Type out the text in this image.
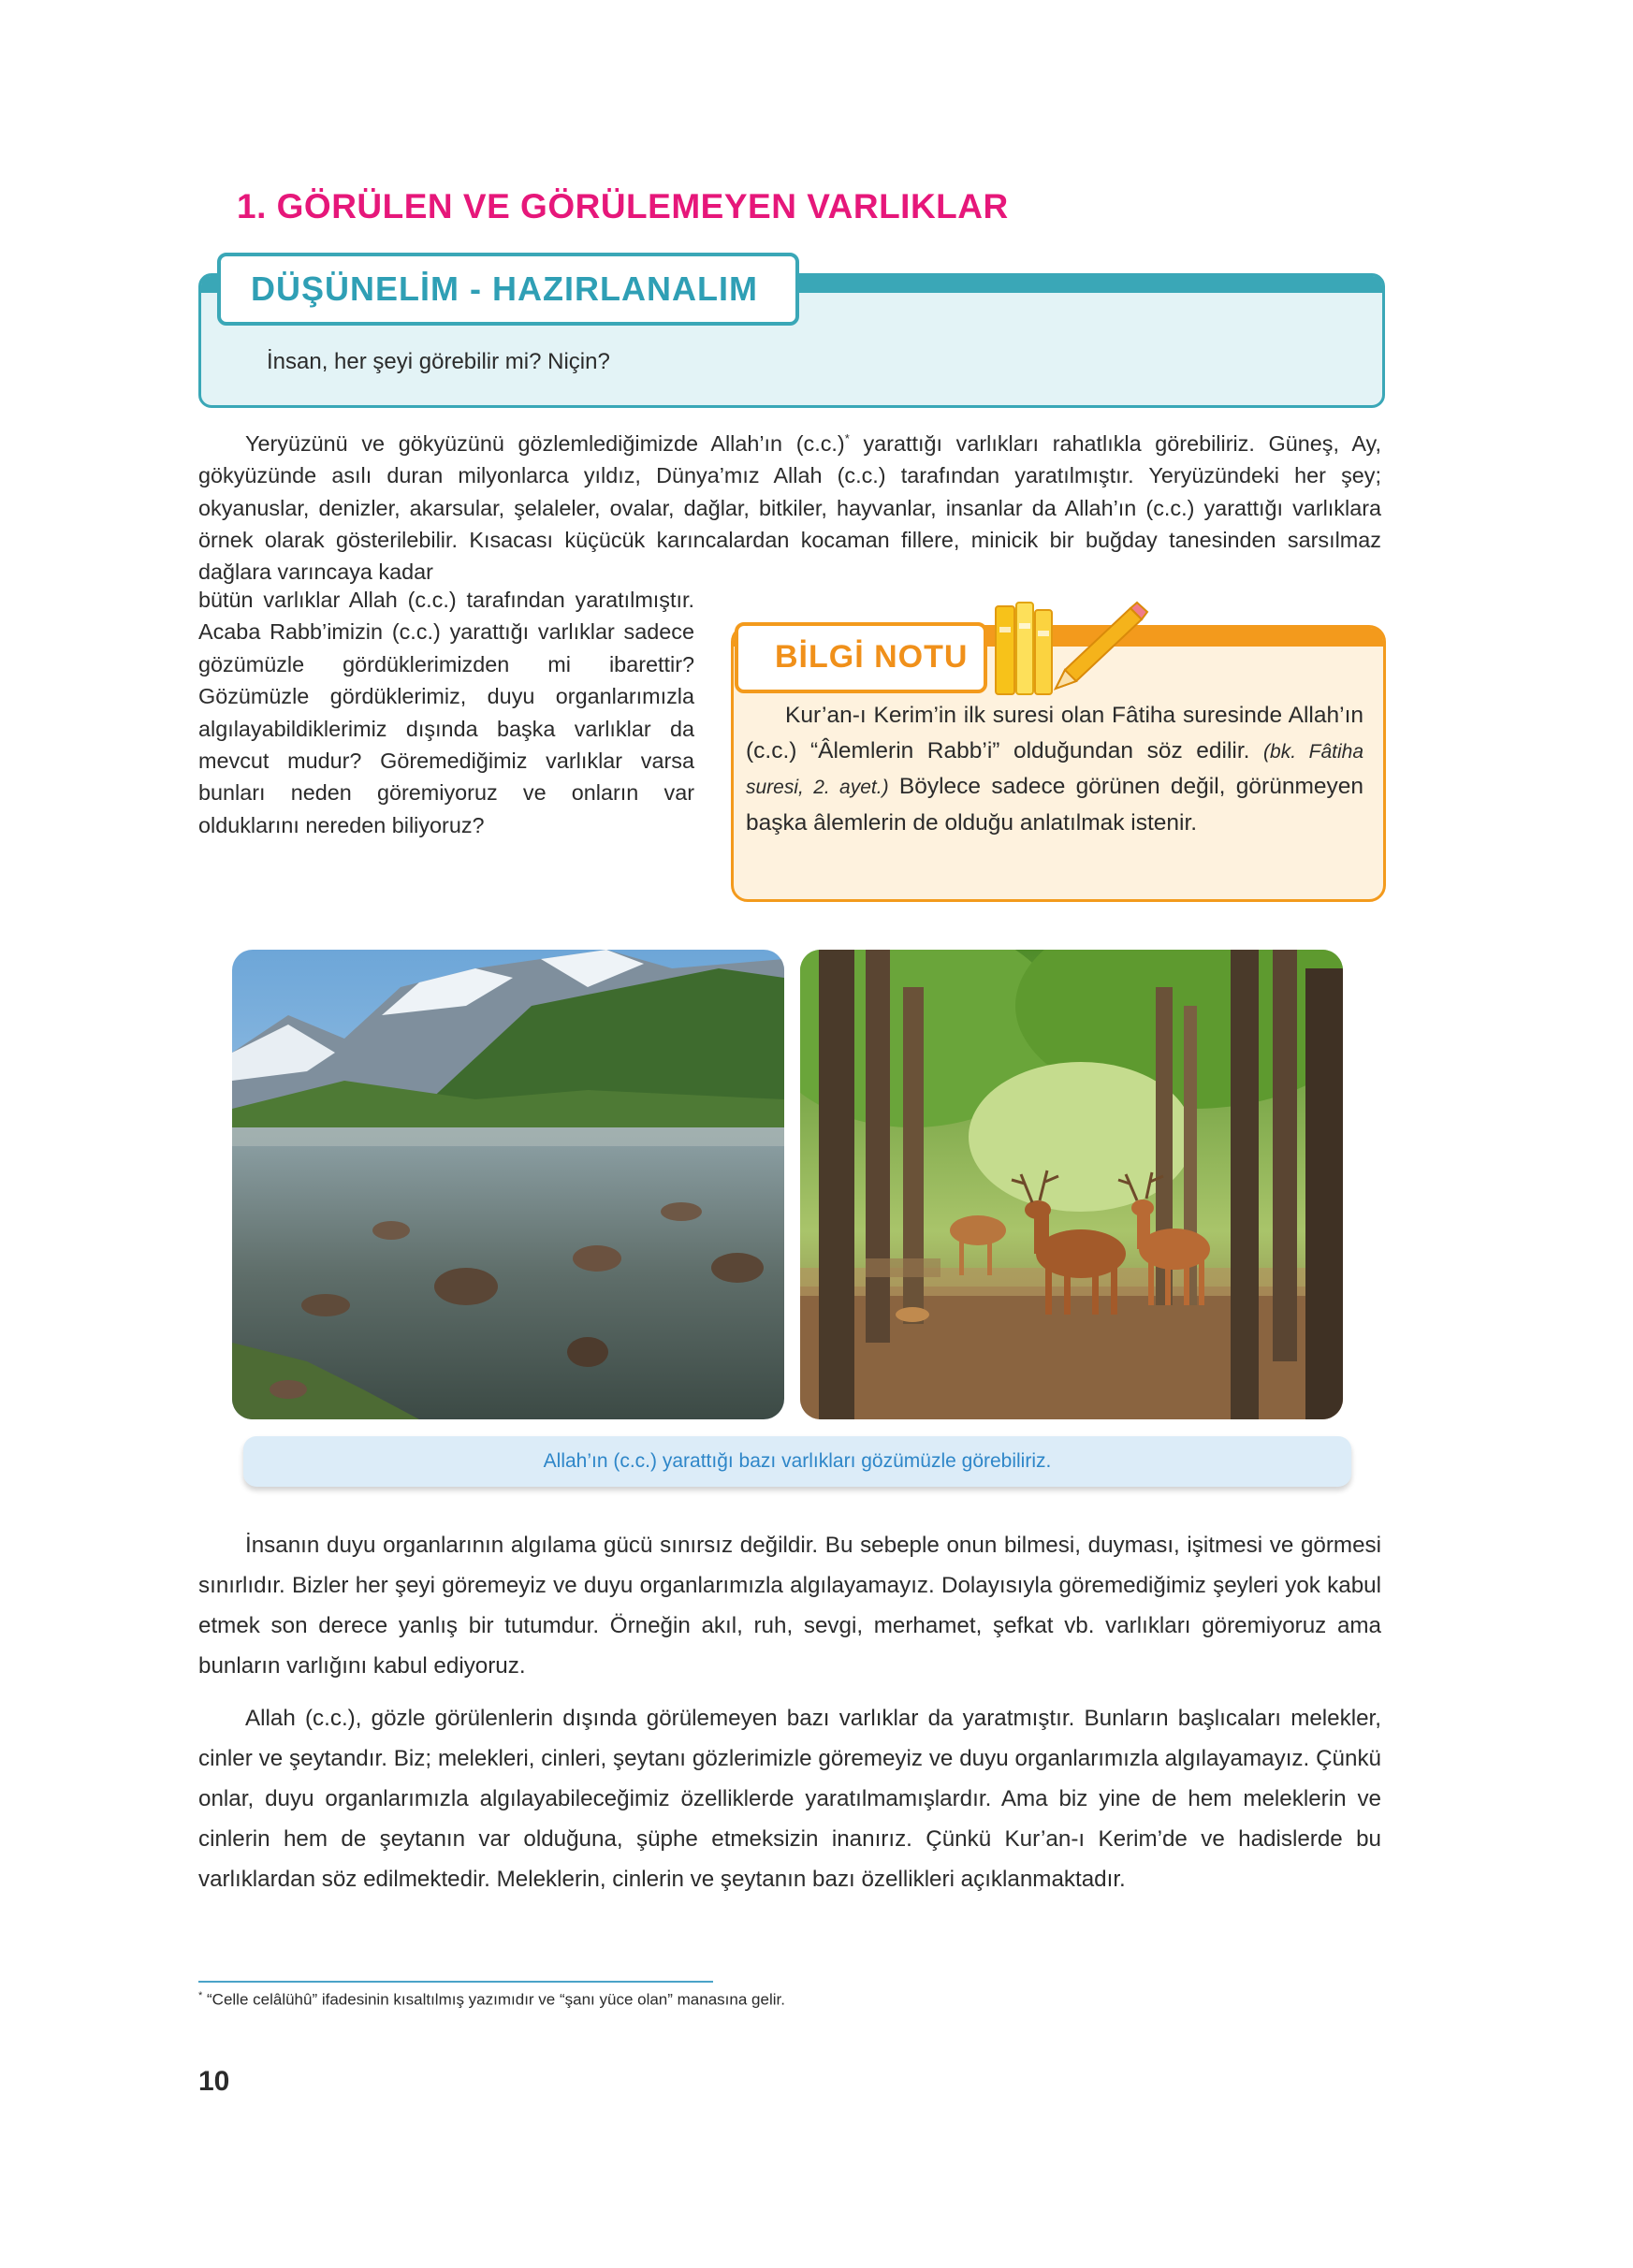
1. GÖRÜLEN VE GÖRÜLEMEYEN VARLIKLAR
DÜŞÜNELİM - HAZIRLANALIM
İnsan, her şeyi görebilir mi? Niçin?
Yeryüzünü ve gökyüzünü gözlemlediğimizde Allah’ın (c.c.)* yarattığı varlıkları rahatlıkla görebiliriz. Güneş, Ay, gökyüzünde asılı duran milyonlarca yıldız, Dünya’mız Allah (c.c.) tarafından yaratılmıştır. Yeryüzündeki her şey; okyanuslar, denizler, akarsular, şelaleler, ovalar, dağlar, bitkiler, hayvanlar, insanlar da Allah’ın (c.c.) yarattığı varlıklara örnek olarak gösterilebilir. Kısacası küçücük karıncalardan kocaman fillere, minicik bir buğday tanesinden sarsılmaz dağlara varıncaya kadar
bütün varlıklar Allah (c.c.) tarafından yaratılmıştır. Acaba Rabb’imizin (c.c.) yarattığı varlıklar sadece gözümüzle gördüklerimizden mi ibarettir? Gözümüzle gördüklerimiz, duyu organlarımızla algılayabildiklerimiz dışında başka varlıklar da mevcut mudur? Göremediğimiz varlıklar varsa bunları neden göremiyoruz ve onların var olduklarını nereden biliyoruz?
BİLGİ NOTU
Kur’an-ı Kerim’in ilk suresi olan Fâtiha suresinde Allah’ın (c.c.) “Âlemlerin Rabb’i” olduğundan söz edilir. (bk. Fâtiha suresi, 2. ayet.) Böylece sadece görünen değil, görünmeyen başka âlemlerin de olduğu anlatılmak istenir.
Allah’ın (c.c.) yarattığı bazı varlıkları gözümüzle görebiliriz.
İnsanın duyu organlarının algılama gücü sınırsız değildir. Bu sebeple onun bilmesi, duyması, işitmesi ve görmesi sınırlıdır. Bizler her şeyi göremeyiz ve duyu organlarımızla algılayamayız. Dolayısıyla göremediğimiz şeyleri yok kabul etmek son derece yanlış bir tutumdur. Örneğin akıl, ruh, sevgi, merhamet, şefkat vb. varlıkları göremiyoruz ama bunların varlığını kabul ediyoruz.
Allah (c.c.), gözle görülenlerin dışında görülemeyen bazı varlıklar da yaratmıştır. Bunların başlıcaları melekler, cinler ve şeytandır. Biz; melekleri, cinleri, şeytanı gözlerimizle göremeyiz ve duyu organlarımızla algılayamayız. Çünkü onlar, duyu organlarımızla algılayabileceğimiz özelliklerde yaratılmamışlardır. Ama biz yine de hem meleklerin ve cinlerin hem de şeytanın var olduğuna, şüphe etmeksizin inanırız. Çünkü Kur’an-ı Kerim’de ve hadislerde bu varlıklardan söz edilmektedir. Meleklerin, cinlerin ve şeytanın bazı özellikleri açıklanmaktadır.
* “Celle celâlühû” ifadesinin kısaltılmış yazımıdır ve “şanı yüce olan” manasına gelir.
10
